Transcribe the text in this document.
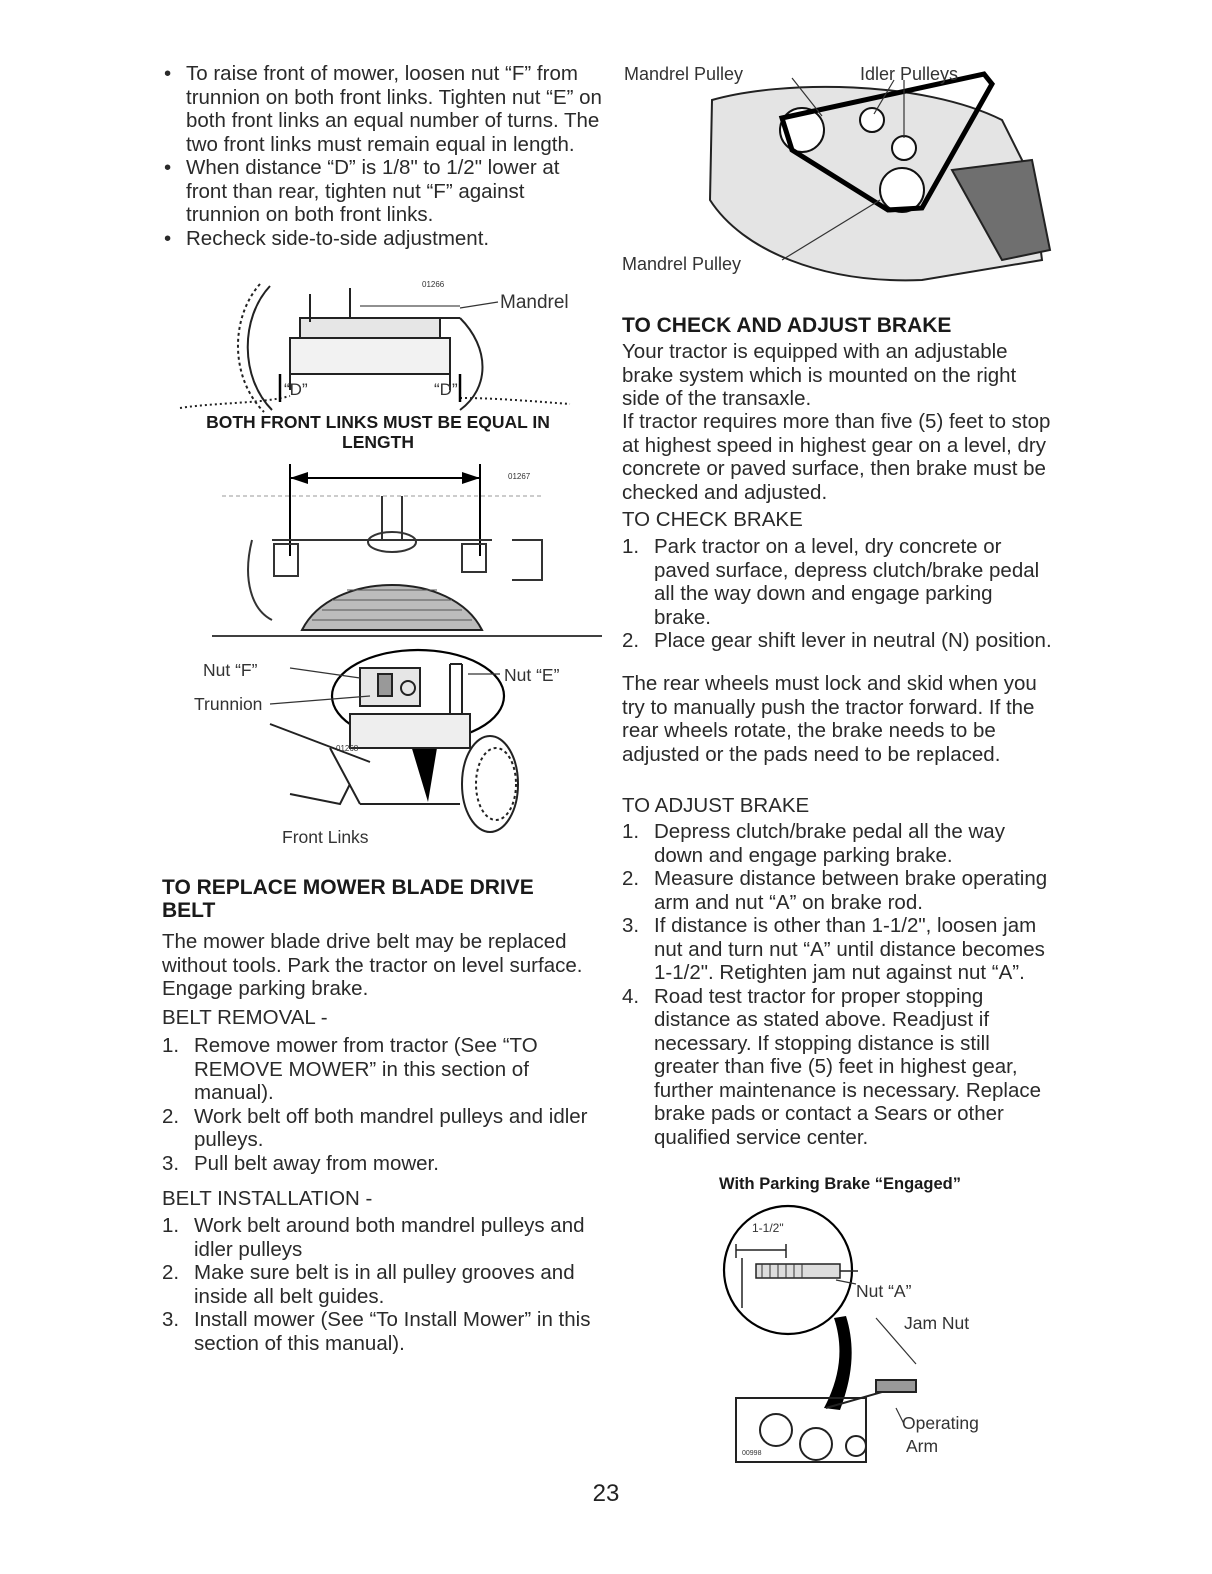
• To raise front of mower, loosen nut “F” from trunnion on both front links. Tighten nut “E” on both front links an equal number of turns. The two front links must remain equal in length.
• When distance “D” is 1/8" to 1/2" lower at front than rear, tighten nut “F” against trunnion on both front links.
• Recheck side-to-side adjustment.
Mandrel
“D”	“D”
01266
BOTH FRONT LINKS MUST BE EQUAL IN LENGTH
01267
Nut “F”	Nut “E”
Trunnion
Front Links
01268
TO REPLACE MOWER BLADE DRIVE BELT
The mower blade drive belt may be replaced without tools. Park the tractor on level surface. Engage parking brake.
BELT REMOVAL -
1. Remove mower from tractor (See “TO REMOVE MOWER” in this section of manual).
2. Work belt off both mandrel pulleys and idler pulleys.
3. Pull belt away from mower.
BELT INSTALLATION -
1. Work belt around both mandrel pulleys and idler pulleys
2. Make sure belt is in all pulley grooves and inside all belt guides.
3. Install mower (See “To Install Mower” in this section of this manual).
Mandrel Pulley	Idler Pulleys
Mandrel Pulley
TO CHECK AND ADJUST BRAKE
Your tractor is equipped with an adjustable brake system which is mounted on the right side of the transaxle.
If tractor requires more than five (5) feet to stop at highest speed in highest gear on a level, dry concrete or paved surface, then brake must be checked and adjusted.
TO CHECK BRAKE
1. Park tractor on a level, dry concrete or paved surface, depress clutch/brake pedal all the way down and engage parking brake.
2. Place gear shift lever in neutral (N) position.
The rear wheels must lock and skid when you try to manually push the tractor forward. If the rear wheels rotate, the brake needs to be adjusted or the pads need to be replaced.
TO ADJUST BRAKE
1. Depress clutch/brake pedal all the way down and engage parking brake.
2. Measure distance between brake operating arm and nut “A” on brake rod.
3. If distance is other than 1-1/2", loosen jam nut and turn nut “A” until distance becomes 1-1/2". Retighten jam nut against nut “A”.
4. Road test tractor for proper stopping distance as stated above. Readjust if necessary. If stopping distance is still greater than five (5) feet in highest gear, further maintenance is necessary. Replace brake pads or contact a Sears or other qualified service center.
With Parking Brake “Engaged”
1-1/2"
Nut “A”
Jam Nut
Operating
Arm
00998
23
